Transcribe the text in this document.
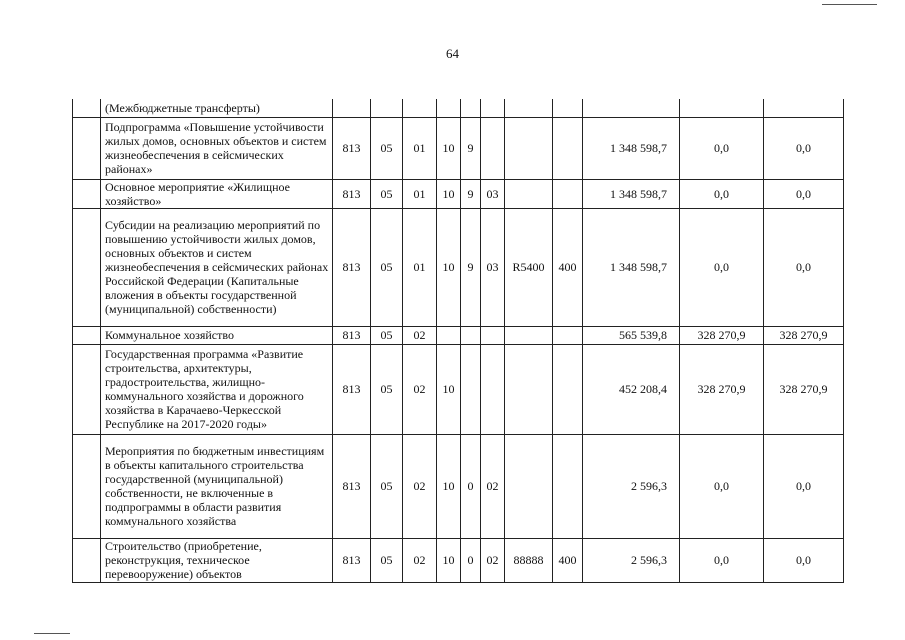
64
	(Межбюджетные трансферты)											
	Подпрограмма «Повышение устойчивости жилых домов, основных объектов и систем жизнеобеспечения в сейсмических районах»	813	05	01	10	9				1 348 598,7	0,0	0,0
	Основное мероприятие «Жилищное хозяйство»	813	05	01	10	9	03			1 348 598,7	0,0	0,0
	Субсидии на реализацию мероприятий по повышению устойчивости жилых домов, основных объектов и систем жизнеобеспечения в сейсмических районах Российской Федерации (Капитальные вложения в объекты государственной (муниципальной) собственности)	813	05	01	10	9	03	R5400	400	1 348 598,7	0,0	0,0
	Коммунальное хозяйство	813	05	02						565 539,8	328 270,9	328 270,9
	Государственная программа «Развитие строительства, архитектуры, градостроительства, жилищно-коммунального хозяйства и дорожного хозяйства в Карачаево-Черкесской Республике на 2017-2020 годы»	813	05	02	10					452 208,4	328 270,9	328 270,9
	Мероприятия по бюджетным инвестициям в объекты капитального строительства государственной (муниципальной) собственности, не включенные в подпрограммы в области развития коммунального хозяйства	813	05	02	10	0	02			2 596,3	0,0	0,0
	Строительство (приобретение, реконструкция, техническое перевооружение) объектов	813	05	02	10	0	02	88888	400	2 596,3	0,0	0,0
